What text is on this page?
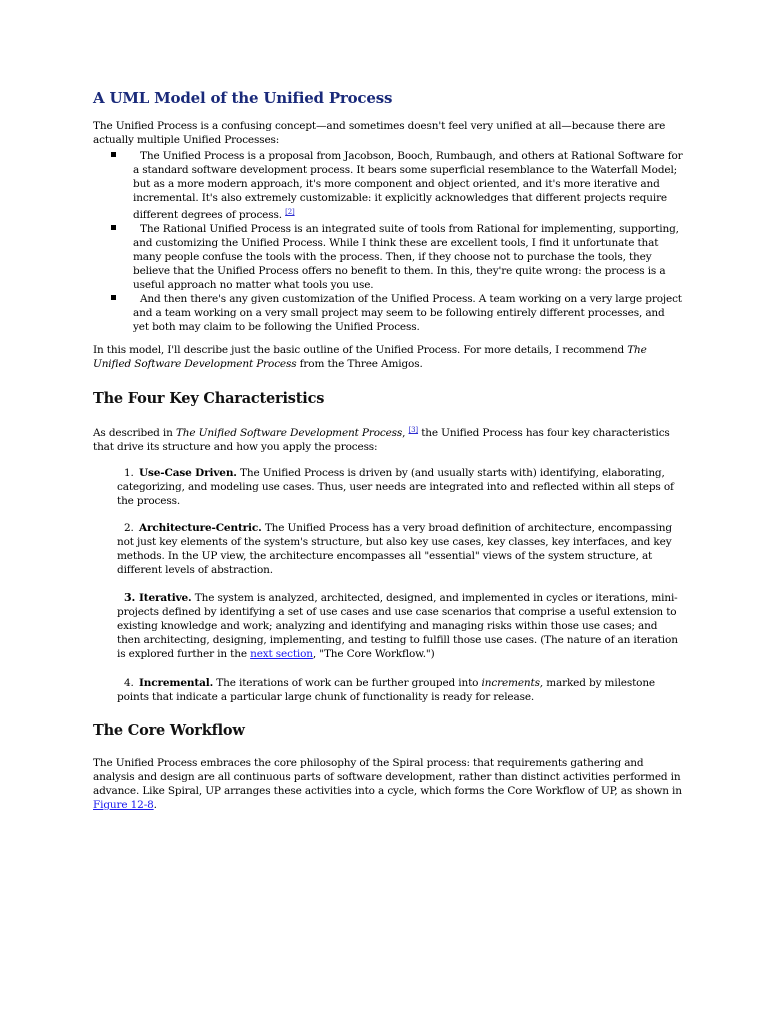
A UML Model of the Unified Process
The Unified Process is a confusing concept—and sometimes doesn't feel very unified at all—because there are actually multiple Unified Processes:
The Unified Process is a proposal from Jacobson, Booch, Rumbaugh, and others at Rational Software for a standard software development process. It bears some superficial resemblance to the Waterfall Model; but as a more modern approach, it's more component and object oriented, and it's more iterative and incremental. It's also extremely customizable: it explicitly acknowledges that different projects require different degrees of process. [2]
The Rational Unified Process is an integrated suite of tools from Rational for implementing, supporting, and customizing the Unified Process. While I think these are excellent tools, I find it unfortunate that many people confuse the tools with the process. Then, if they choose not to purchase the tools, they believe that the Unified Process offers no benefit to them. In this, they're quite wrong: the process is a useful approach no matter what tools you use.
And then there's any given customization of the Unified Process. A team working on a very large project and a team working on a very small project may seem to be following entirely different processes, and yet both may claim to be following the Unified Process.
In this model, I'll describe just the basic outline of the Unified Process. For more details, I recommend The Unified Software Development Process from the Three Amigos.
The Four Key Characteristics
As described in The Unified Software Development Process, [3] the Unified Process has four key characteristics that drive its structure and how you apply the process:
1. Use-Case Driven. The Unified Process is driven by (and usually starts with) identifying, elaborating, categorizing, and modeling use cases. Thus, user needs are integrated into and reflected within all steps of the process.
2. Architecture-Centric. The Unified Process has a very broad definition of architecture, encompassing not just key elements of the system's structure, but also key use cases, key classes, key interfaces, and key methods. In the UP view, the architecture encompasses all "essential" views of the system structure, at different levels of abstraction.
3. Iterative. The system is analyzed, architected, designed, and implemented in cycles or iterations, mini-projects defined by identifying a set of use cases and use case scenarios that comprise a useful extension to existing knowledge and work; analyzing and identifying and managing risks within those use cases; and then architecting, designing, implementing, and testing to fulfill those use cases. (The nature of an iteration is explored further in the next section, "The Core Workflow.")
4. Incremental. The iterations of work can be further grouped into increments, marked by milestone points that indicate a particular large chunk of functionality is ready for release.
The Core Workflow
The Unified Process embraces the core philosophy of the Spiral process: that requirements gathering and analysis and design are all continuous parts of software development, rather than distinct activities performed in advance. Like Spiral, UP arranges these activities into a cycle, which forms the Core Workflow of UP, as shown in Figure 12-8.
